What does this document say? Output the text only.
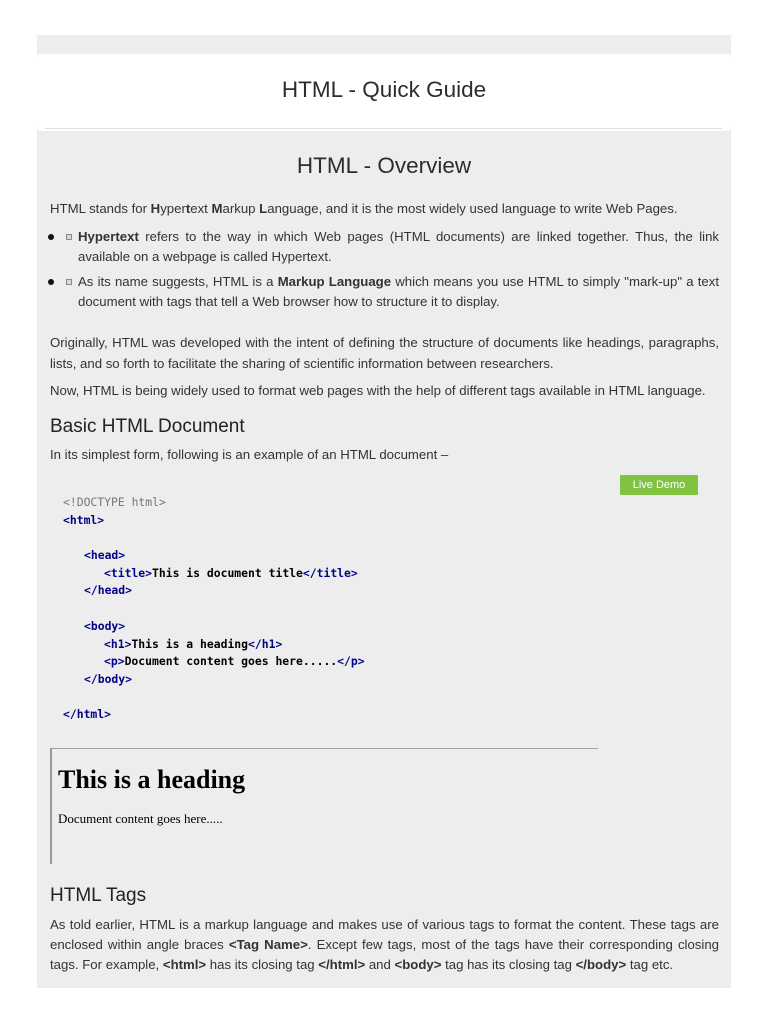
HTML - Quick Guide
HTML - Overview

HTML stands for Hypertext Markup Language, and it is the most widely used language to write Web Pages.

Hypertext refers to the way in which Web pages (HTML documents) are linked together. Thus, the link available on a webpage is called Hypertext.
As its name suggests, HTML is a Markup Language which means you use HTML to simply "mark-up" a text document with tags that tell a Web browser how to structure it to display.

Originally, HTML was developed with the intent of defining the structure of documents like headings, paragraphs, lists, and so forth to facilitate the sharing of scientific information between researchers.

Now, HTML is being widely used to format web pages with the help of different tags available in HTML language.

Basic HTML Document

In its simplest form, following is an example of an HTML document –

Live Demo
<!DOCTYPE html>
<html>
<head>
<title>This is document title</title>
</head>
<body>
<h1>This is a heading</h1>
<p>Document content goes here.....</p>
</body>
</html>
This is a heading
Document content goes here.....
HTML Tags

As told earlier, HTML is a markup language and makes use of various tags to format the content. These tags are enclosed within angle braces <Tag Name>. Except few tags, most of the tags have their corresponding closing tags. For example, <html> has its closing tag </html> and <body> tag has its closing tag </body> tag etc.
